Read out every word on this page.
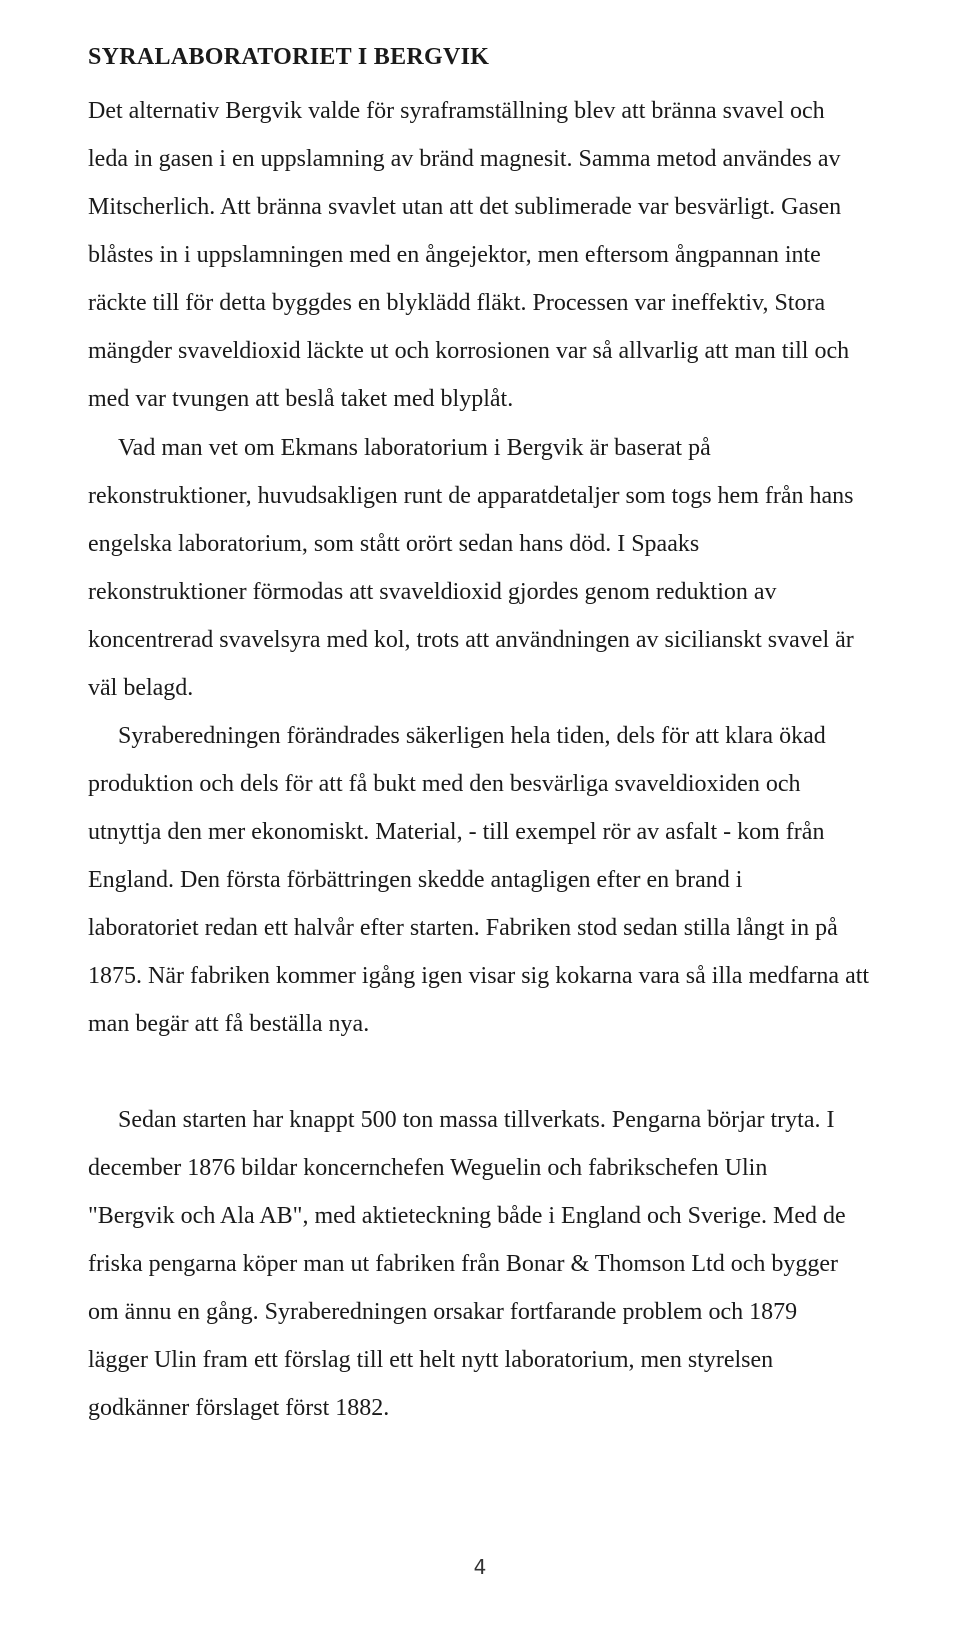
SYRALABORATORIET I BERGVIK
Det alternativ Bergvik valde för syraframställning blev att bränna svavel och
leda in gasen i en uppslamning av bränd magnesit. Samma metod användes av
Mitscherlich. Att bränna svavlet utan att det sublimerade var besvärligt. Gasen
blåstes in i uppslamningen med en ångejektor, men eftersom ångpannan inte
räckte till för detta byggdes en blyklädd fläkt. Processen var ineffektiv, Stora
mängder svaveldioxid läckte ut och korrosionen var så allvarlig att man till och
med var tvungen att beslå taket med blyplåt.
Vad man vet om Ekmans laboratorium i Bergvik är baserat på
rekonstruktioner, huvudsakligen runt de apparatdetaljer som togs hem från hans
engelska laboratorium, som stått orört sedan hans död. I Spaaks
rekonstruktioner förmodas att svaveldioxid gjordes genom reduktion av
koncentrerad svavelsyra med kol, trots att användningen av sicilianskt svavel är
väl belagd.
Syraberedningen förändrades säkerligen hela tiden, dels för att klara ökad
produktion och dels för att få bukt med den besvärliga svaveldioxiden och
utnyttja den mer ekonomiskt. Material, - till exempel rör av asfalt - kom från
England. Den första förbättringen skedde antagligen efter en brand i
laboratoriet redan ett halvår efter starten. Fabriken stod sedan stilla långt in på
1875. När fabriken kommer igång igen visar sig kokarna vara så illa medfarna att
man begär att få beställa nya.
Sedan starten har knappt 500 ton massa tillverkats. Pengarna börjar tryta. I
december 1876 bildar koncernchefen Weguelin och fabrikschefen Ulin
"Bergvik och Ala AB", med aktieteckning både i England och Sverige. Med de
friska pengarna köper man ut fabriken från Bonar & Thomson Ltd och bygger
om ännu en gång. Syraberedningen orsakar fortfarande problem och 1879
lägger Ulin fram ett förslag till ett helt nytt laboratorium, men styrelsen
godkänner förslaget först 1882.
4
